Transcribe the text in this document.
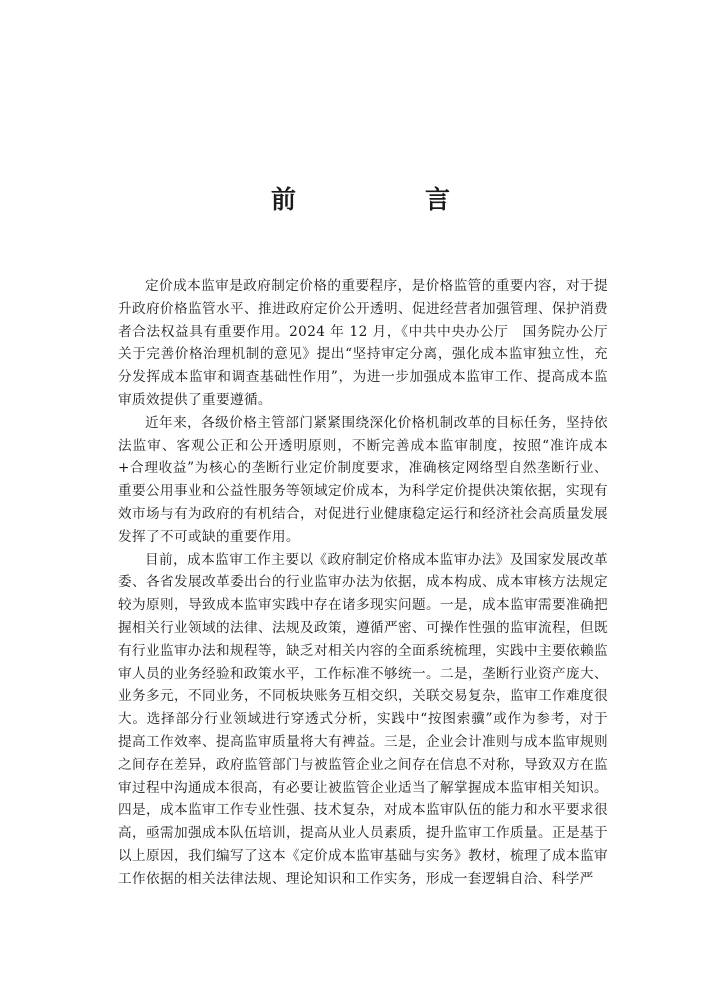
前　言

定价成本监审是政府制定价格的重要程序，是价格监管的重要内容，对于提升政府价格监管水平、推进政府定价公开透明、促进经营者加强管理、保护消费者合法权益具有重要作用。2024 年 12 月，《中共中央办公厅　国务院办公厅关于完善价格治理机制的意见》提出“坚持审定分离，强化成本监审独立性，充分发挥成本监审和调查基础性作用”，为进一步加强成本监审工作、提高成本监审质效提供了重要遵循。

近年来，各级价格主管部门紧紧围绕深化价格机制改革的目标任务，坚持依法监审、客观公正和公开透明原则，不断完善成本监审制度，按照“准许成本+合理收益”为核心的垄断行业定价制度要求，准确核定网络型自然垄断行业、重要公用事业和公益性服务等领域定价成本，为科学定价提供决策依据，实现有效市场与有为政府的有机结合，对促进行业健康稳定运行和经济社会高质量发展发挥了不可或缺的重要作用。

目前，成本监审工作主要以《政府制定价格成本监审办法》及国家发展改革委、各省发展改革委出台的行业监审办法为依据，成本构成、成本审核方法规定较为原则，导致成本监审实践中存在诸多现实问题。一是，成本监审需要准确把握相关行业领域的法律、法规及政策，遵循严密、可操作性强的监审流程，但既有行业监审办法和规程等，缺乏对相关内容的全面系统梳理，实践中主要依赖监审人员的业务经验和政策水平，工作标准不够统一。二是，垄断行业资产庞大、业务多元，不同业务，不同板块账务互相交织，关联交易复杂，监审工作难度很大。选择部分行业领域进行穿透式分析，实践中“按图索骥”或作为参考，对于提高工作效率、提高监审质量将大有裨益。三是，企业会计准则与成本监审规则之间存在差异，政府监管部门与被监管企业之间存在信息不对称，导致双方在监审过程中沟通成本很高，有必要让被监管企业适当了解掌握成本监审相关知识。四是，成本监审工作专业性强、技术复杂，对成本监审队伍的能力和水平要求很高，亟需加强成本队伍培训，提高从业人员素质，提升监审工作质量。正是基于以上原因，我们编写了这本《定价成本监审基础与实务》教材，梳理了成本监审工作依据的相关法律法规、理论知识和工作实务，形成一套逻辑自洽、科学严
